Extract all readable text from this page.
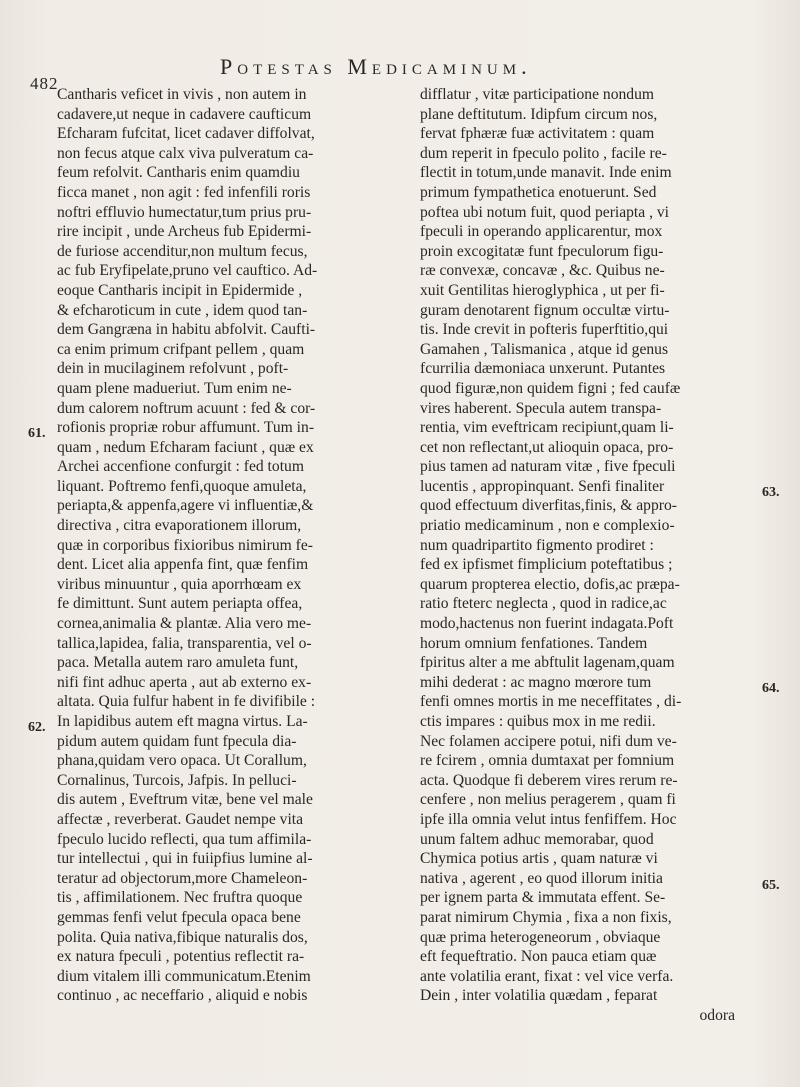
482
Potestas Medicaminum.
Cantharis veficet in vivis , non autem in
cadavere,ut neque in cadavere caufticum
Efcharam fufcitat, licet cadaver diffolvat,
non fecus atque calx viva pulveratum ca-
feum refolvit. Cantharis enim quamdiu
ficca manet , non agit : fed infenfili roris
noftri effluvio humectatur,tum prius pru-
rire incipit , unde Archeus fub Epidermi-
de furiose accenditur,non multum fecus,
ac fub Eryfipelate,pruno vel cauftico. Ad-
eoque Cantharis incipit in Epidermide ,
& efcharoticum in cute , idem quod tan-
dem Gangræna in habitu abfolvit. Caufti-
ca enim primum crifpant pellem , quam
dein in mucilaginem refolvunt , poft-
quam plene madueriut. Tum enim ne-
dum calorem noftrum acuunt : fed & cor-
rofionis propriæ robur affumunt. Tum in-
quam , nedum Efcharam faciunt , quæ ex
Archei accenfione confurgit : fed totum
liquant. Poftremo fenfi,quoque amuleta,
periapta,& appenfa,agere vi influentiæ,&
directiva , citra evaporationem illorum,
quæ in corporibus fixioribus nimirum fe-
dent. Licet alia appenfa fint, quæ fenfim
viribus minuuntur , quia aporrhœam ex
fe dimittunt. Sunt autem periapta offea,
cornea,animalia & plantæ. Alia vero me-
tallica,lapidea, falia, transparentia, vel o-
paca. Metalla autem raro amuleta funt,
nifi fint adhuc aperta , aut ab externo ex-
altata. Quia fulfur habent in fe divifibile :
In lapidibus autem eft magna virtus. La-
pidum autem quidam funt fpecula dia-
phana,quidam vero opaca. Ut Corallum,
Cornalinus, Turcois, Jafpis. In pelluci-
dis autem , Eveftrum vitæ, bene vel male
affectæ , reverberat. Gaudet nempe vita
fpeculo lucido reflecti, qua tum affimila-
tur intellectui , qui in fuiipfius lumine al-
teratur ad objectorum,more Chameleon-
tis , affimilationem. Nec fruftra quoque
gemmas fenfi velut fpecula opaca bene
polita. Quia nativa,fibique naturalis dos,
ex natura fpeculi , potentius reflectit ra-
dium vitalem illi communicatum.Etenim
continuo , ac neceffario , aliquid e nobis
difflatur , vitæ participatione nondum
plane deftitutum. Idipfum circum nos,
fervat fphæræ fuæ activitatem : quam
dum reperit in fpeculo polito , facile re-
flectit in totum,unde manavit. Inde enim
primum fympathetica enotuerunt. Sed
poftea ubi notum fuit, quod periapta , vi
fpeculi in operando applicarentur, mox
proin excogitatæ funt fpeculorum figu-
ræ convexæ, concavæ , &c. Quibus ne-
xuit Gentilitas hieroglyphica , ut per fi-
guram denotarent fignum occultæ virtu-
tis. Inde crevit in pofteris fuperftitio,qui
Gamahen , Talismanica , atque id genus
fcurrilia dæmoniaca unxerunt. Putantes
quod figuræ,non quidem figni ; fed caufæ
vires haberent. Specula autem transpa-
rentia, vim eveftricam recipiunt,quam li-
cet non reflectant,ut alioquin opaca, pro-
pius tamen ad naturam vitæ , five fpeculi
lucentis , appropinquant. Senfi finaliter
quod effectuum diverfitas,finis, & appro-
priatio medicaminum , non e complexio-
num quadripartito figmento prodiret :
fed ex ipfismet fimplicium poteftatibus ;
quarum propterea electio, dofis,ac præpa-
ratio fteterc neglecta , quod in radice,ac
modo,hactenus non fuerint indagata.Poft
horum omnium fenfationes. Tandem
fpiritus alter a me abftulit lagenam,quam
mihi dederat : ac magno mœrore tum
fenfi omnes mortis in me neceffitates , di-
ctis impares : quibus mox in me redii.
Nec folamen accipere potui, nifi dum ve-
re fcirem , omnia dumtaxat per fomnium
acta. Quodque fi deberem vires rerum re-
cenfere , non melius peragerem , quam fi
ipfe illa omnia velut intus fenfiffem. Hoc
unum faltem adhuc memorabar, quod
Chymica potius artis , quam naturæ vi
nativa , agerent , eo quod illorum initia
per ignem parta & immutata effent. Se-
parat nimirum Chymia , fixa a non fixis,
quæ prima heterogeneorum , obviaque
eft fequeftratio. Non pauca etiam quæ
ante volatilia erant, fixat : vel vice verfa.
Dein , inter volatilia quædam , feparat
odora
61.
62.
63.
64.
65.
